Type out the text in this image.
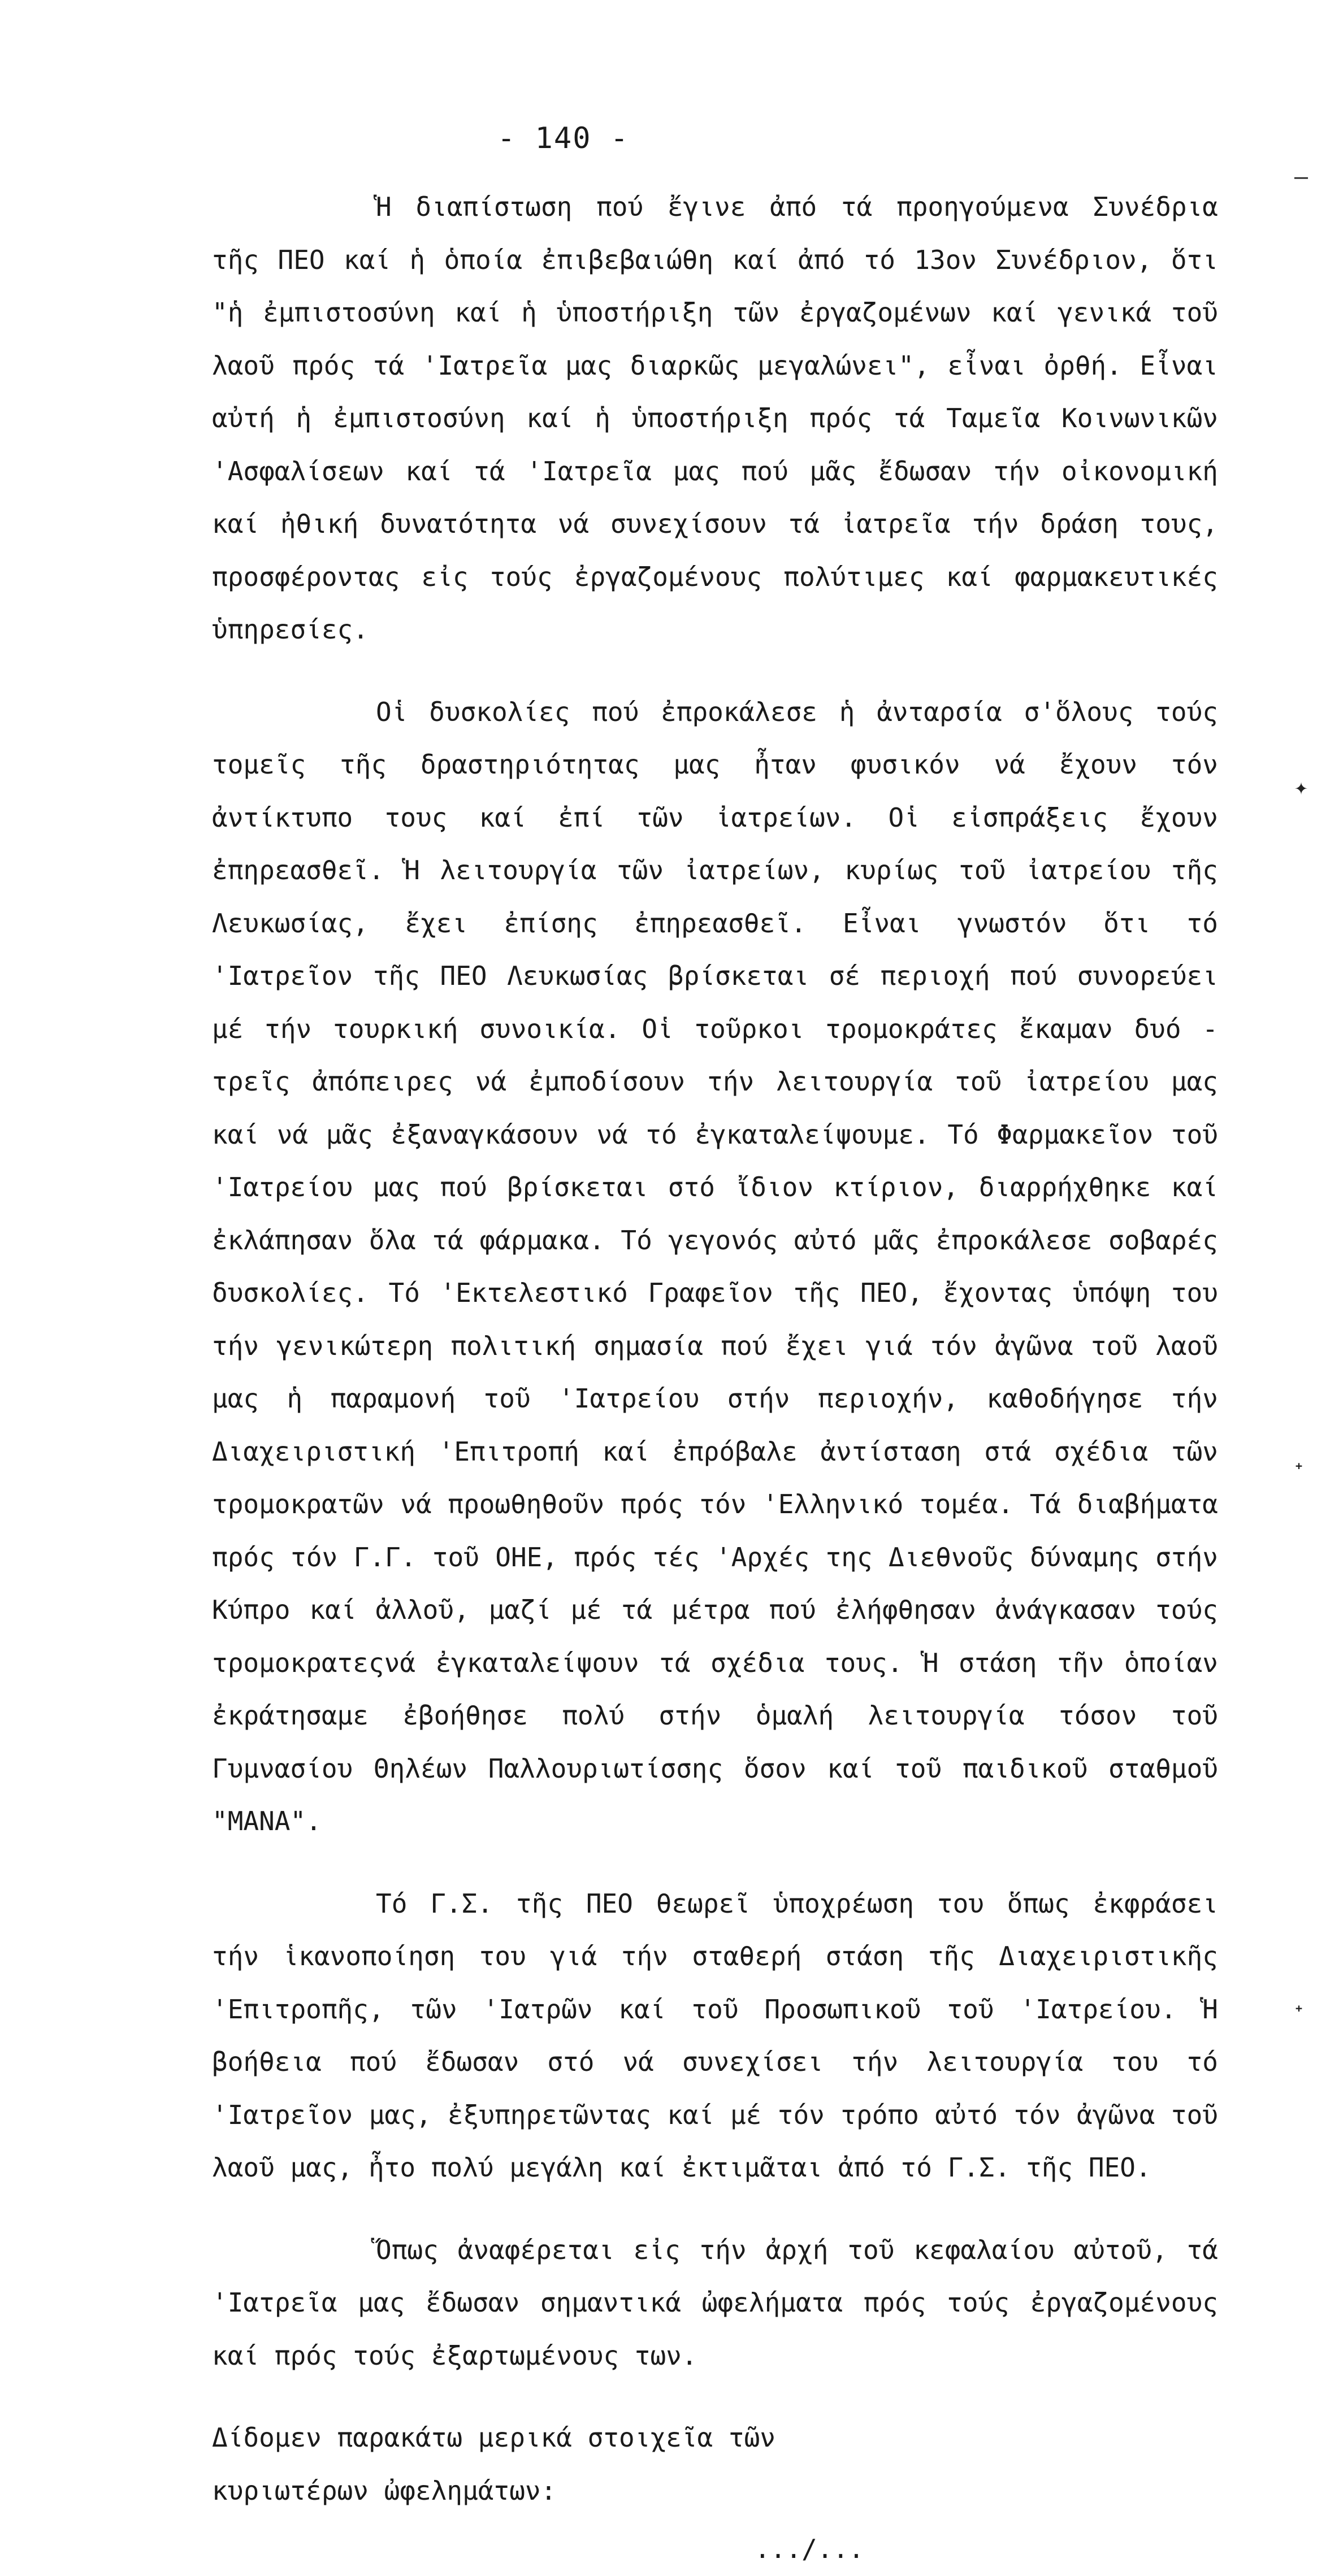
- 140 -

Ἡ διαπίστωση πού ἔγινε ἀπό τά προηγούμενα Συνέδρια τῆς ΠΕΟ καί ἡ ὁποία ἐπιβεβαιώθη καί ἀπό τό 13ον Συνέδριον, ὅτι "ἡ ἐμπιστοσύνη καί ἡ ὑποστήριξη τῶν ἐργαζομένων καί γενικά τοῦ λαοῦ πρός τά 'Ιατρεῖα μας διαρκῶς μεγαλώνει", εἶναι ὀρθή. Εἶναι αὐτή ἡ ἐμπιστοσύνη καί ἡ ὑποστήριξη πρός τά Ταμεῖα Κοινωνικῶν 'Ασφαλίσεων καί τά 'Ιατρεῖα μας πού μᾶς ἔδωσαν τήν οἰκονομική καί ἠθική δυνατότητα νά συνεχίσουν τά ἰατρεῖα τήν δράση τους, προσφέροντας εἰς τούς ἐργαζομένους πολύτιμες καί φαρμακευτικές ὑπηρεσίες.

Οἱ δυσκολίες πού ἐπροκάλεσε ἡ ἀνταρσία σ'ὅλους τούς τομεῖς τῆς δραστηριότητας μας ἦταν φυσικόν νά ἔχουν τόν ἀντίκτυπο τους καί ἐπί τῶν ἰατρείων. Οἱ εἰσπράξεις ἔχουν ἐπηρεασθεῖ. Ἡ λειτουργία τῶν ἰατρείων, κυρίως τοῦ ἰατρείου τῆς Λευκωσίας, ἔχει ἐπίσης ἐπηρεασθεῖ. Εἶναι γνωστόν ὅτι τό 'Ιατρεῖον τῆς ΠΕΟ Λευκωσίας βρίσκεται σέ περιοχή πού συνορεύει μέ τήν τουρκική συνοικία. Οἱ τοῦρκοι τρομοκράτες ἔκαμαν δυό - τρεῖς ἀπόπειρες νά ἐμποδίσουν τήν λειτουργία τοῦ ἰατρείου μας καί νά μᾶς ἐξαναγκάσουν νά τό ἐγκαταλείψουμε. Τό Φαρμακεῖον τοῦ 'Ιατρείου μας πού βρίσκεται στό ἴδιον κτίριον, διαρρήχθηκε καί ἐκλάπησαν ὅλα τά φάρμακα. Τό γεγονός αὐτό μᾶς ἐπροκάλεσε σοβαρές δυσκολίες. Τό 'Εκτελεστικό Γραφεῖον τῆς ΠΕΟ, ἔχοντας ὑπόψη του τήν γενικώτερη πολιτική σημασία πού ἔχει γιά τόν ἀγῶνα τοῦ λαοῦ μας ἡ παραμονή τοῦ 'Ιατρείου στήν περιοχήν, καθοδήγησε τήν Διαχειριστική 'Επιτροπή καί ἐπρόβαλε ἀντίσταση στά σχέδια τῶν τρομοκρατῶν νά προωθηθοῦν πρός τόν 'Ελληνικό τομέα. Τά διαβήματα πρός τόν Γ.Γ. τοῦ ΟΗΕ, πρός τές 'Αρχές της Διεθνοῦς δύναμης στήν Κύπρο καί ἀλλοῦ, μαζί μέ τά μέτρα πού ἐλήφθησαν ἀνάγκασαν τούς τρομοκρατεςνά ἐγκαταλείψουν τά σχέδια τους. Ἡ στάση τῆν ὁποίαν ἐκράτησαμε ἐβοήθησε πολύ στήν ὁμαλή λειτουργία τόσον τοῦ Γυμνασίου Θηλέων Παλλουριωτίσσης ὅσον καί τοῦ παιδικοῦ σταθμοῦ "ΜΑΝΑ".

Τό Γ.Σ. τῆς ΠΕΟ θεωρεῖ ὑποχρέωση του ὅπως ἐκφράσει τήν ἱκανοποίηση του γιά τήν σταθερή στάση τῆς Διαχειριστικῆς 'Επιτροπῆς, τῶν 'Ιατρῶν καί τοῦ Προσωπικοῦ τοῦ 'Ιατρείου. Ἡ βοήθεια πού ἔδωσαν στό νά συνεχίσει τήν λειτουργία του τό 'Ιατρεῖον μας, ἐξυπηρετῶντας καί μέ τόν τρόπο αὐτό τόν ἀγῶνα τοῦ λαοῦ μας, ἦτο πολύ μεγάλη καί ἐκτιμᾶται ἀπό τό Γ.Σ. τῆς ΠΕΟ.

Ὅπως ἀναφέρεται εἰς τήν ἀρχή τοῦ κεφαλαίου αὐτοῦ, τά 'Ιατρεῖα μας ἔδωσαν σημαντικά ὠφελήματα πρός τούς ἐργαζομένους καί πρός τούς ἐξαρτωμένους των.

Δίδομεν παρακάτω μερικά στοιχεῖα τῶν κυριωτέρων ὠφελημάτων:
.../...
‒
✦
ᐩ
ᐩ
